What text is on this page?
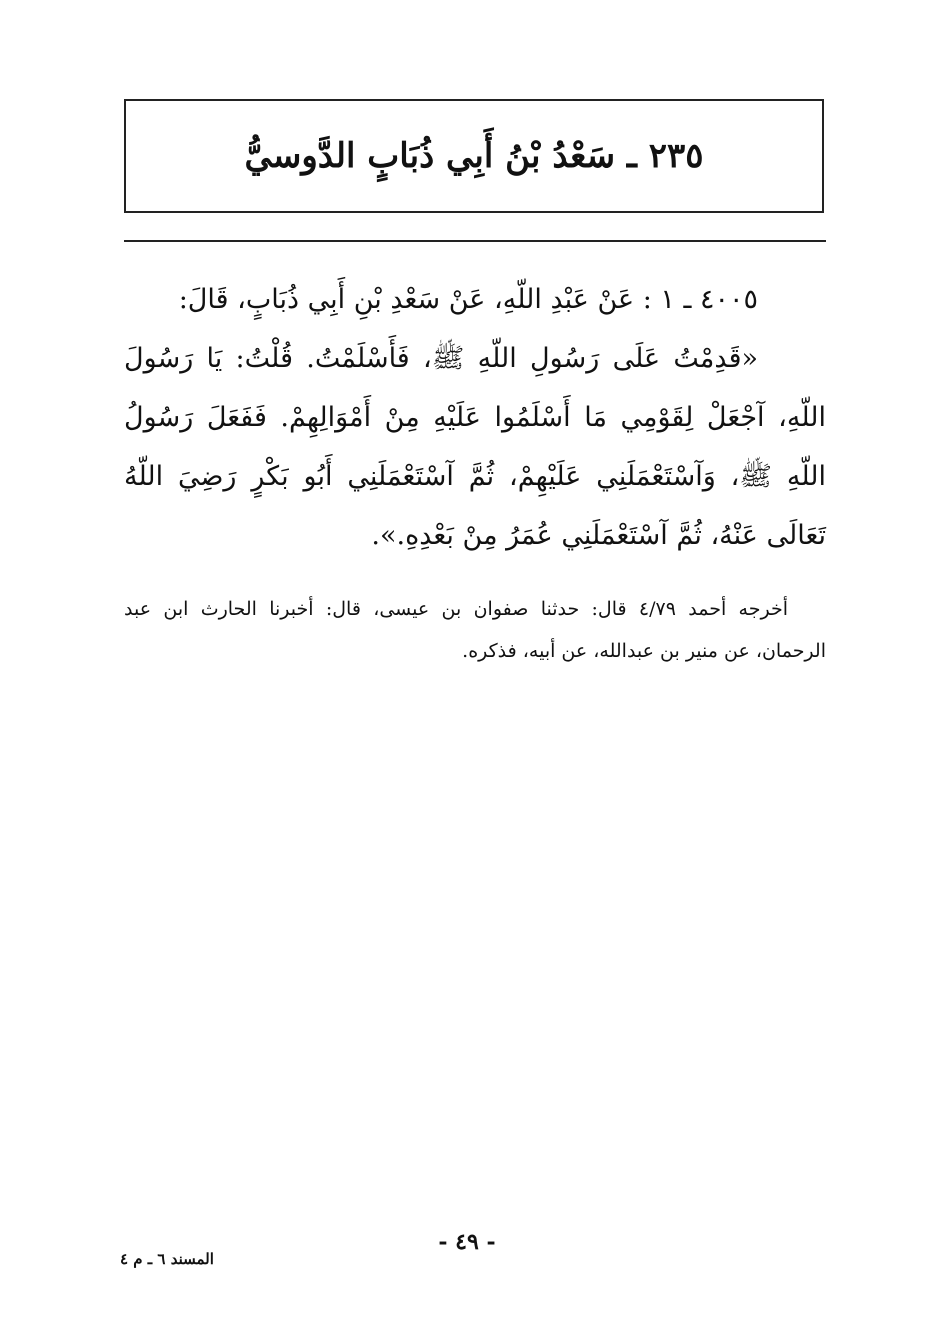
٢٣٥ ـ سَعْدُ بْنُ أَبِي ذُبَابٍ الدَّوسيُّ

٤٠٠٥ ـ ١ : عَنْ عَبْدِ اللّهِ، عَنْ سَعْدِ بْنِ أَبِي ذُبَابٍ، قَالَ:

«قَدِمْتُ عَلَى رَسُولِ اللّهِ ﷺ، فَأَسْلَمْتُ. قُلْتُ: يَا رَسُولَ اللّهِ، آجْعَلْ لِقَوْمِي مَا أَسْلَمُوا عَلَيْهِ مِنْ أَمْوَالِهِمْ. فَفَعَلَ رَسُولُ اللّهِ ﷺ، وَآسْتَعْمَلَنِي عَلَيْهِمْ، ثُمَّ آسْتَعْمَلَنِي أَبُو بَكْرٍ رَضِيَ اللّهُ تَعَالَى عَنْهُ، ثُمَّ آسْتَعْمَلَنِي عُمَرُ مِنْ بَعْدِهِ.».

أخرجه أحمد ٤/٧٩ قال: حدثنا صفوان بن عيسى، قال: أخبرنا الحارث ابن عبد الرحمان، عن منير بن عبدالله، عن أبيه، فذكره.
- ٤٩ -
المسند ٦ ـ م ٤
